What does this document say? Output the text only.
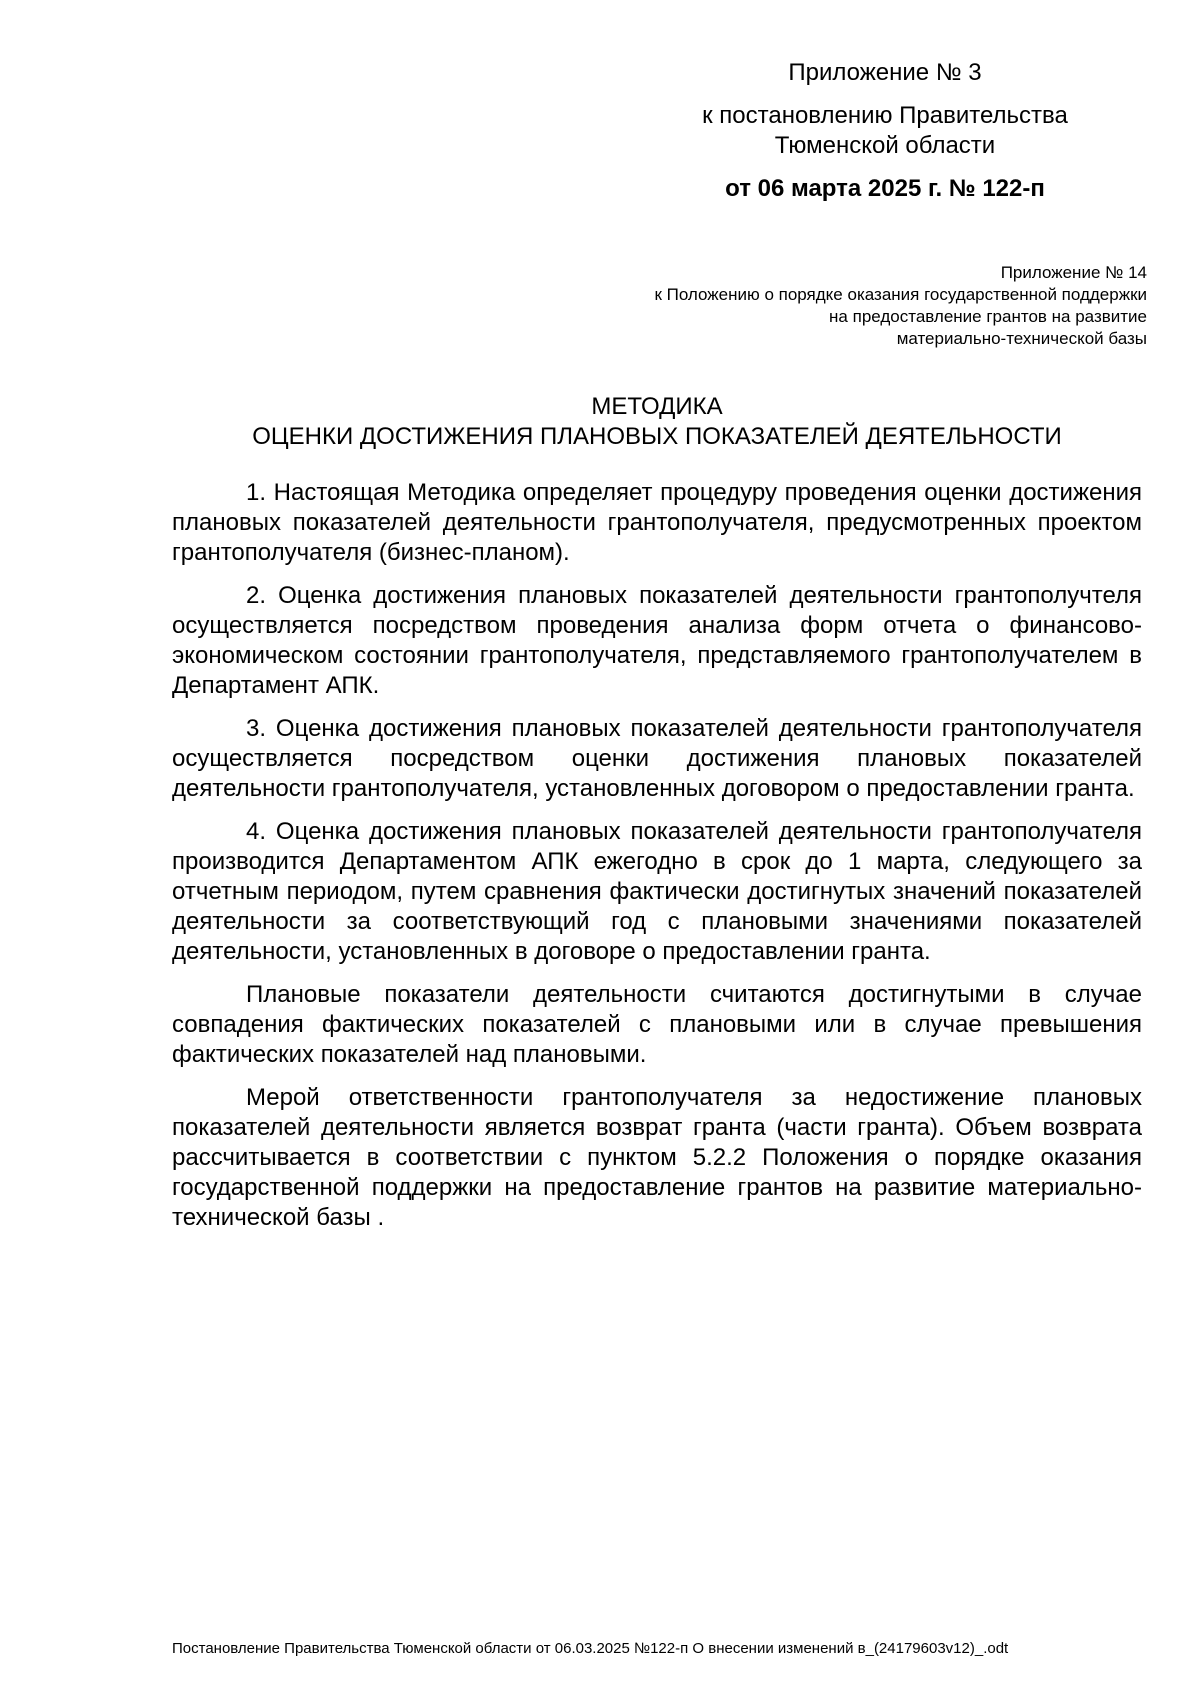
Приложение № 3
к постановлению Правительства
Тюменской области
от 06 марта 2025 г. № 122-п
Приложение № 14
к Положению о порядке оказания государственной поддержки
на предоставление грантов на развитие
материально-технической базы
МЕТОДИКА
ОЦЕНКИ ДОСТИЖЕНИЯ ПЛАНОВЫХ ПОКАЗАТЕЛЕЙ ДЕЯТЕЛЬНОСТИ

1. Настоящая Методика определяет процедуру проведения оценки достижения плановых показателей деятельности грантополучателя, предусмотренных проектом грантополучателя (бизнес-планом).

2. Оценка достижения плановых показателей деятельности грантополучтеля осуществляется посредством проведения анализа форм отчета о финансово-экономическом состоянии грантополучателя, представляемого грантополучателем в Департамент АПК.

3. Оценка достижения плановых показателей деятельности грантополучателя осуществляется посредством оценки достижения плановых показателей деятельности грантополучателя, установленных договором о предоставлении гранта.

4. Оценка достижения плановых показателей деятельности грантополучателя производится Департаментом АПК ежегодно в срок до 1 марта, следующего за отчетным периодом, путем сравнения фактически достигнутых значений показателей деятельности за соответствующий год с плановыми значениями показателей деятельности, установленных в договоре о предоставлении гранта.

Плановые показатели деятельности считаются достигнутыми в случае совпадения фактических показателей с плановыми или в случае превышения фактических показателей над плановыми.

Мерой ответственности грантополучателя за недостижение плановых показателей деятельности является возврат гранта (части гранта). Объем возврата рассчитывается в соответствии с пунктом 5.2.2 Положения о порядке оказания государственной поддержки на предоставление грантов на развитие материально-технической базы .

Постановление Правительства Тюменской области от 06.03.2025 №122-п О внесении изменений в_(24179603v12)_.odt
